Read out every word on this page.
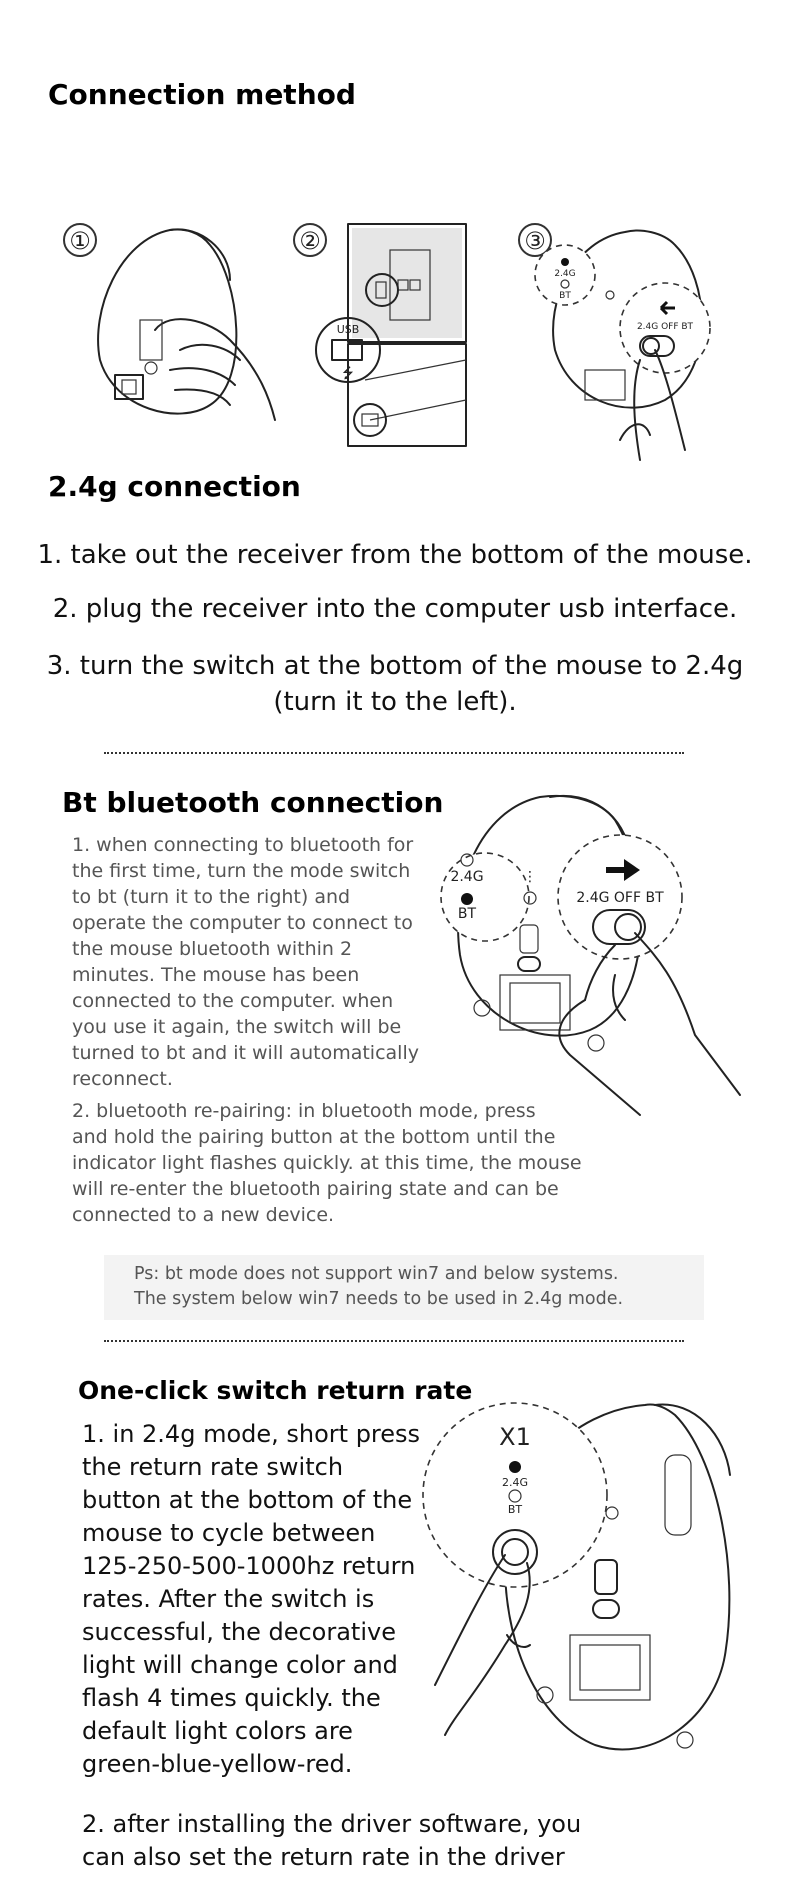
Connection method
①	②
USB
⭍
③
2.4G
BT
2.4G OFF BT
2.4g connection
1. take out the receiver from the bottom of the mouse.
2. plug the receiver into the computer usb interface.
3. turn the switch at the bottom of the mouse to 2.4g
(turn it to the left).
Bt bluetooth connection
1. when connecting to bluetooth for
the first time, turn the mode switch
to bt (turn it to the right) and
operate the computer to connect to
the mouse bluetooth within 2
minutes. The mouse has been
connected to the computer. when
you use it again, the switch will be
turned to bt and it will automatically
reconnect.
2.4G
BT
⋮
2.4G OFF BT
2. bluetooth re-pairing: in bluetooth mode, press
and hold the pairing button at the bottom until the
indicator light flashes quickly. at this time, the mouse
will re-enter the bluetooth pairing state and can be
connected to a new device.
Ps: bt mode does not support win7 and below systems.
The system below win7 needs to be used in 2.4g mode.
One-click switch return rate
1. in 2.4g mode, short press
the return rate switch
button at the bottom of the
mouse to cycle between
125-250-500-1000hz return
rates. After the switch is
successful, the decorative
light will change color and
flash 4 times quickly. the
default light colors are
green-blue-yellow-red.
X1
2.4G
BT
2. after installing the driver software, you
can also set the return rate in the driver
